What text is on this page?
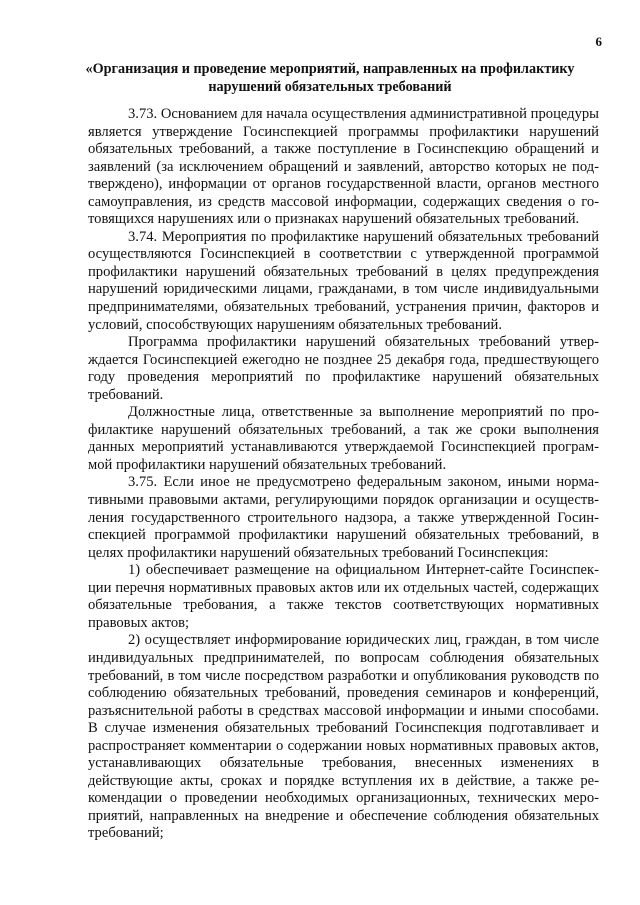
6
«Организация и проведение мероприятий, направленных на профилактику нарушений обязательных требований

3.73. Основанием для начала осуществления административной процедуры является утверждение Госинспекцией программы профилактики нарушений обязательных требований, а также поступление в Госинспекцию обращений и заявлений (за исключением обращений и заявлений, авторство которых не подтверждено), информации от органов государственной власти, органов местного самоуправления, из средств массовой информации, содержащих сведения о готовящихся нарушениях или о признаках нарушений обязательных требований.

3.74. Мероприятия по профилактике нарушений обязательных требований осуществляются Госинспекцией в соответствии с утвержденной программой профилактики нарушений обязательных требований в целях предупреждения нарушений юридическими лицами, гражданами, в том числе индивидуальными предпринимателями, обязательных требований, устранения причин, факторов и условий, способствующих нарушениям обязательных требований.

Программа профилактики нарушений обязательных требований утверждается Госинспекцией ежегодно не позднее 25 декабря года, предшествующего году проведения мероприятий по профилактике нарушений обязательных требований.

Должностные лица, ответственные за выполнение мероприятий по профилактике нарушений обязательных требований, а так же сроки выполнения данных мероприятий устанавливаются утверждаемой Госинспекцией программой профилактики нарушений обязательных требований.

3.75. Если иное не предусмотрено федеральным законом, иными нормативными правовыми актами, регулирующими порядок организации и осуществления государственного строительного надзора, а также утвержденной Госинспекцией программой профилактики нарушений обязательных требований, в целях профилактики нарушений обязательных требований Госинспекция:

1) обеспечивает размещение на официальном Интернет-сайте Госинспекции перечня нормативных правовых актов или их отдельных частей, содержащих обязательные требования, а также текстов соответствующих нормативных правовых актов;

2) осуществляет информирование юридических лиц, граждан, в том числе индивидуальных предпринимателей, по вопросам соблюдения обязательных требований, в том числе посредством разработки и опубликования руководств по соблюдению обязательных требований, проведения семинаров и конференций, разъяснительной работы в средствах массовой информации и иными способами. В случае изменения обязательных требований Госинспекция подготавливает и распространяет комментарии о содержании новых нормативных правовых актов, устанавливающих обязательные требования, внесенных изменениях в действующие акты, сроках и порядке вступления их в действие, а также рекомендации о проведении необходимых организационных, технических мероприятий, направленных на внедрение и обеспечение соблюдения обязательных требований;
